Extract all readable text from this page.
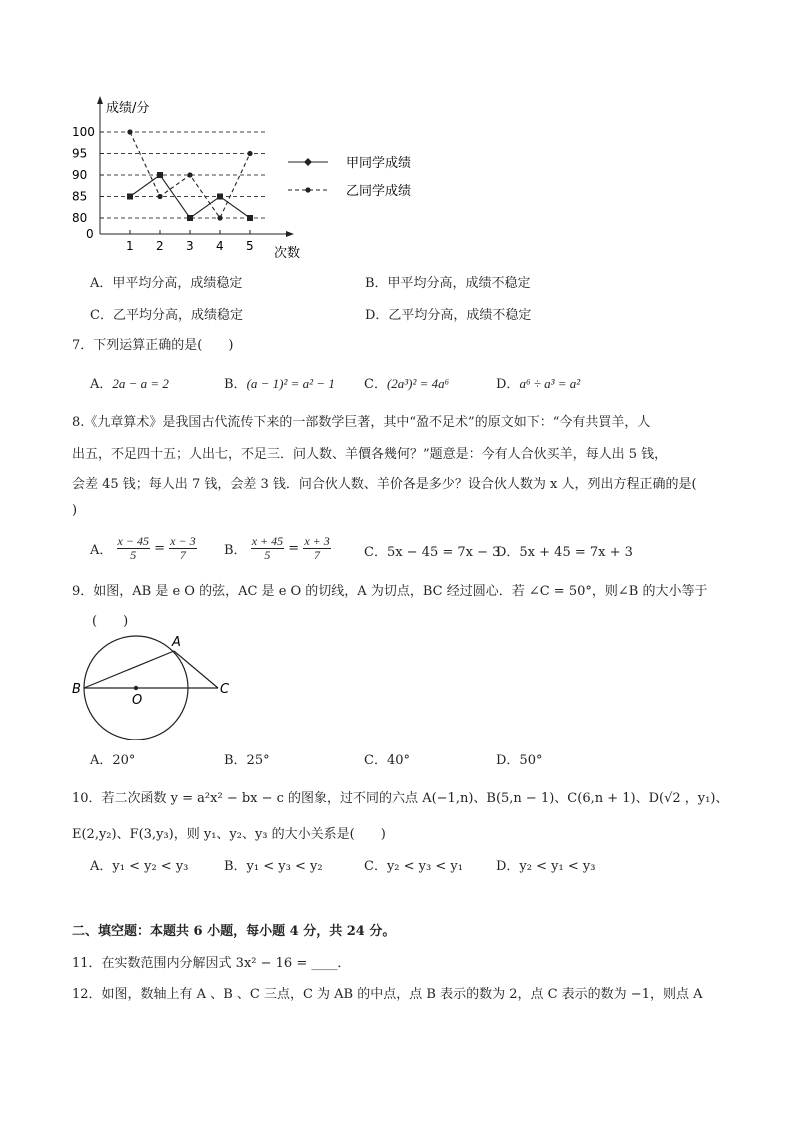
成绩/分
次数
0
80
85
90
95
100
1 2 3 4 5
甲同学成绩
乙同学成绩
A．甲平均分高，成绩稳定	B．甲平均分高，成绩不稳定
C．乙平均分高，成绩稳定	D．乙平均分高，成绩不稳定
7．下列运算正确的是(　　)
A．2a − a = 2	B．(a − 1)² = a² − 1 C．(2a³)² = 4a⁶	D．a⁶ ÷ a³ = a²
8.《九章算术》是我国古代流传下来的一部数学巨著，其中“盈不足术”的原文如下：“今有共買羊，人
出五，不足四十五；人出七，不足三．问人数、羊價各幾何？”题意是：今有人合伙买羊，每人出 5 钱，
会差 45 钱；每人出 7 钱，会差 3 钱．问合伙人数、羊价各是多少？设合伙人数为 x 人，列出方程正确的是(
)
A． $\frac{x - 45}{5} = \frac{x - 3}{7}$ B． $\frac{x + 45}{5} = \frac{x + 3}{7}$	C．5x − 45 = 7x − 3
D．5x + 45 = 7x + 3
9．如图，AB 是 e O 的弦，AC 是 e O 的切线，A 为切点，BC 经过圆心．若 ∠C = 50°，则∠B 的大小等于
(　　)
A
B	C
O
A．20°	B．25°	C．40°	D．50°
10．若二次函数 y = a²x² − bx − c 的图象，过不同的六点 A(−1,n)、B(5,n − 1)、C(6,n + 1)、D(√2 ，y₁)、
E(2,y₂)、F(3,y₃)，则 y₁、y₂、y₃ 的大小关系是(　　)
A．y₁ < y₂ < y₃	B．y₁ < y₃ < y₂	C．y₂ < y₃ < y₁	D．y₂ < y₁ < y₃
二、填空题：本题共 6 小题，每小题 4 分，共 24 分。
11．在实数范围内分解因式 3x² − 16 = ____．
12．如图，数轴上有 A 、B 、C 三点，C 为 AB 的中点，点 B 表示的数为 2，点 C 表示的数为 −1，则点 A
